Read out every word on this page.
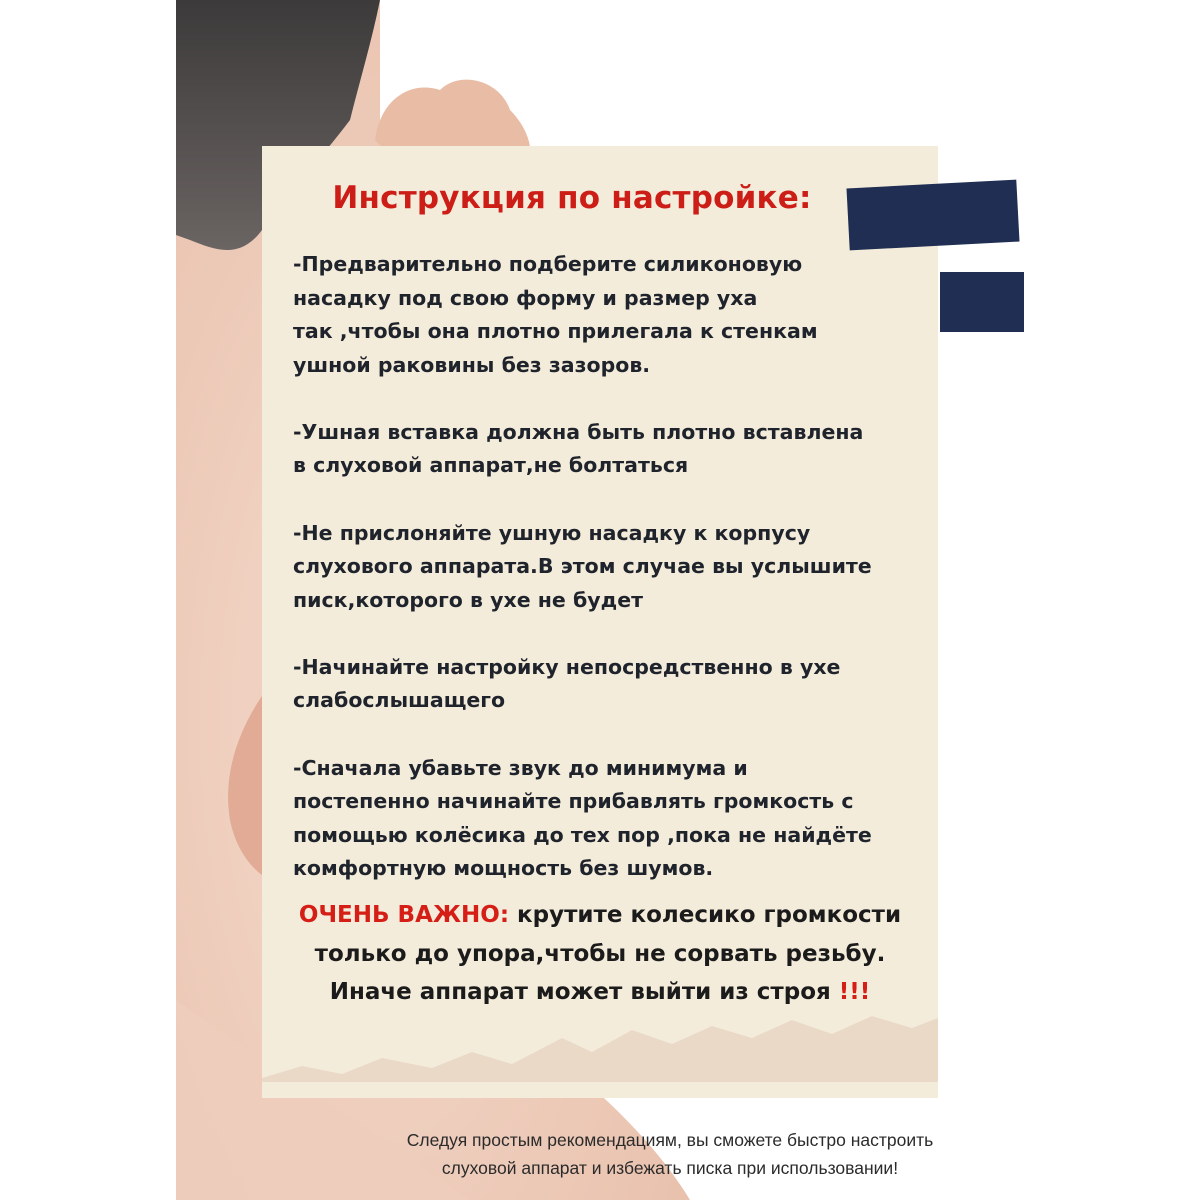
Инструкция по настройке:
-Предварительно подберите силиконовую
насадку под свою форму и размер уха
так ,чтобы она плотно прилегала к стенкам
ушной раковины без зазоров.
-Ушная вставка должна быть плотно вставлена
в слуховой аппарат,не болтаться
-Не прислоняйте ушную насадку к корпусу
слухового аппарата.В этом случае вы услышите
писк,которого в ухе не будет
-Начинайте настройку непосредственно в ухе
слабослышащего
-Сначала убавьте звук до минимума и
постепенно начинайте прибавлять громкость с
помощью колёсика до тех пор ,пока не найдёте
комфортную мощность без шумов.
ОЧЕНЬ ВАЖНО: крутите колесико громкости
только до упора,чтобы не сорвать резьбу.
Иначе аппарат может выйти из строя !!!
Следуя простым рекомендациям, вы сможете быстро настроить
слуховой аппарат и избежать писка при использовании!
